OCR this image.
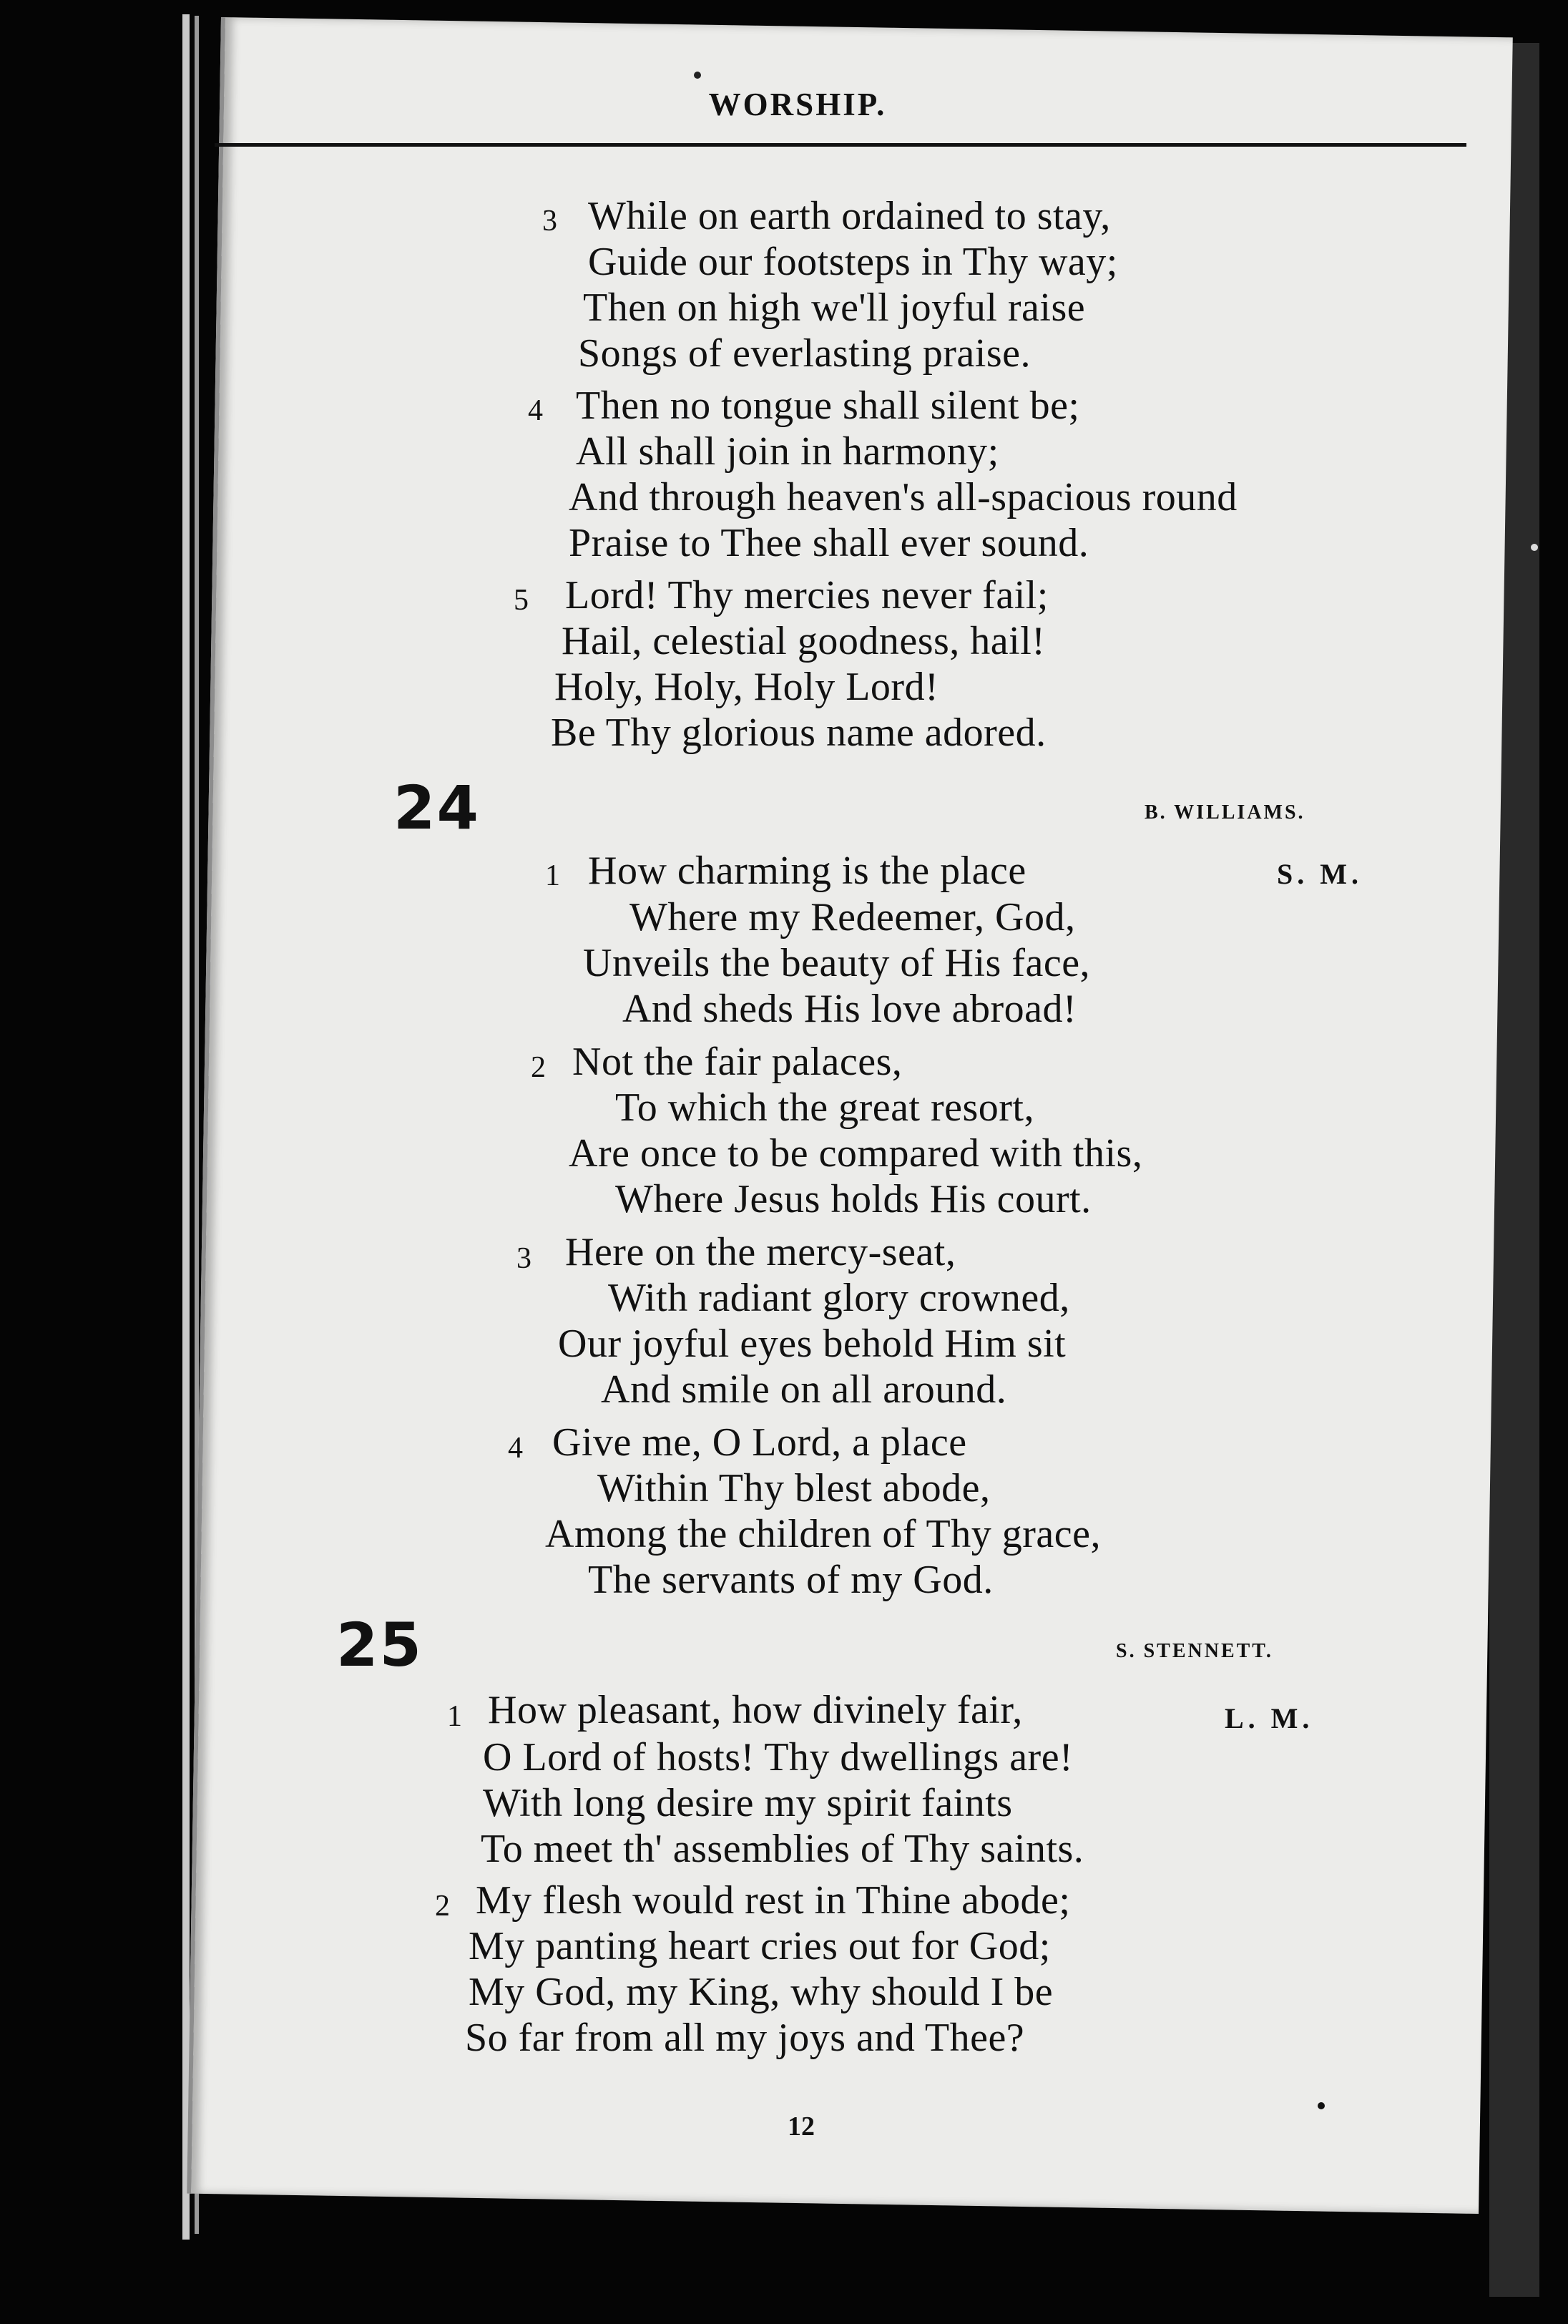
WORSHIP.
3 While on earth ordained to stay,
Guide our footsteps in Thy way;
Then on high we'll joyful raise
Songs of everlasting praise.
4 Then no tongue shall silent be;
All shall join in harmony;
And through heaven's all-spacious round
Praise to Thee shall ever sound.
5 Lord! Thy mercies never fail;
Hail, celestial goodness, hail!
Holy, Holy, Holy Lord!
Be Thy glorious name adored.
24	B. WILLIAMS.
S. M.
1 How charming is the place
Where my Redeemer, God,
Unveils the beauty of His face,
And sheds His love abroad!
2 Not the fair palaces,
To which the great resort,
Are once to be compared with this,
Where Jesus holds His court.
3 Here on the mercy-seat,
With radiant glory crowned,
Our joyful eyes behold Him sit
And smile on all around.
4 Give me, O Lord, a place
Within Thy blest abode,
Among the children of Thy grace,
The servants of my God.
25	S. STENNETT.
L. M.
1 How pleasant, how divinely fair,
O Lord of hosts! Thy dwellings are!
With long desire my spirit faints
To meet th' assemblies of Thy saints.
2 My flesh would rest in Thine abode;
My panting heart cries out for God;
My God, my King, why should I be
So far from all my joys and Thee?
12
